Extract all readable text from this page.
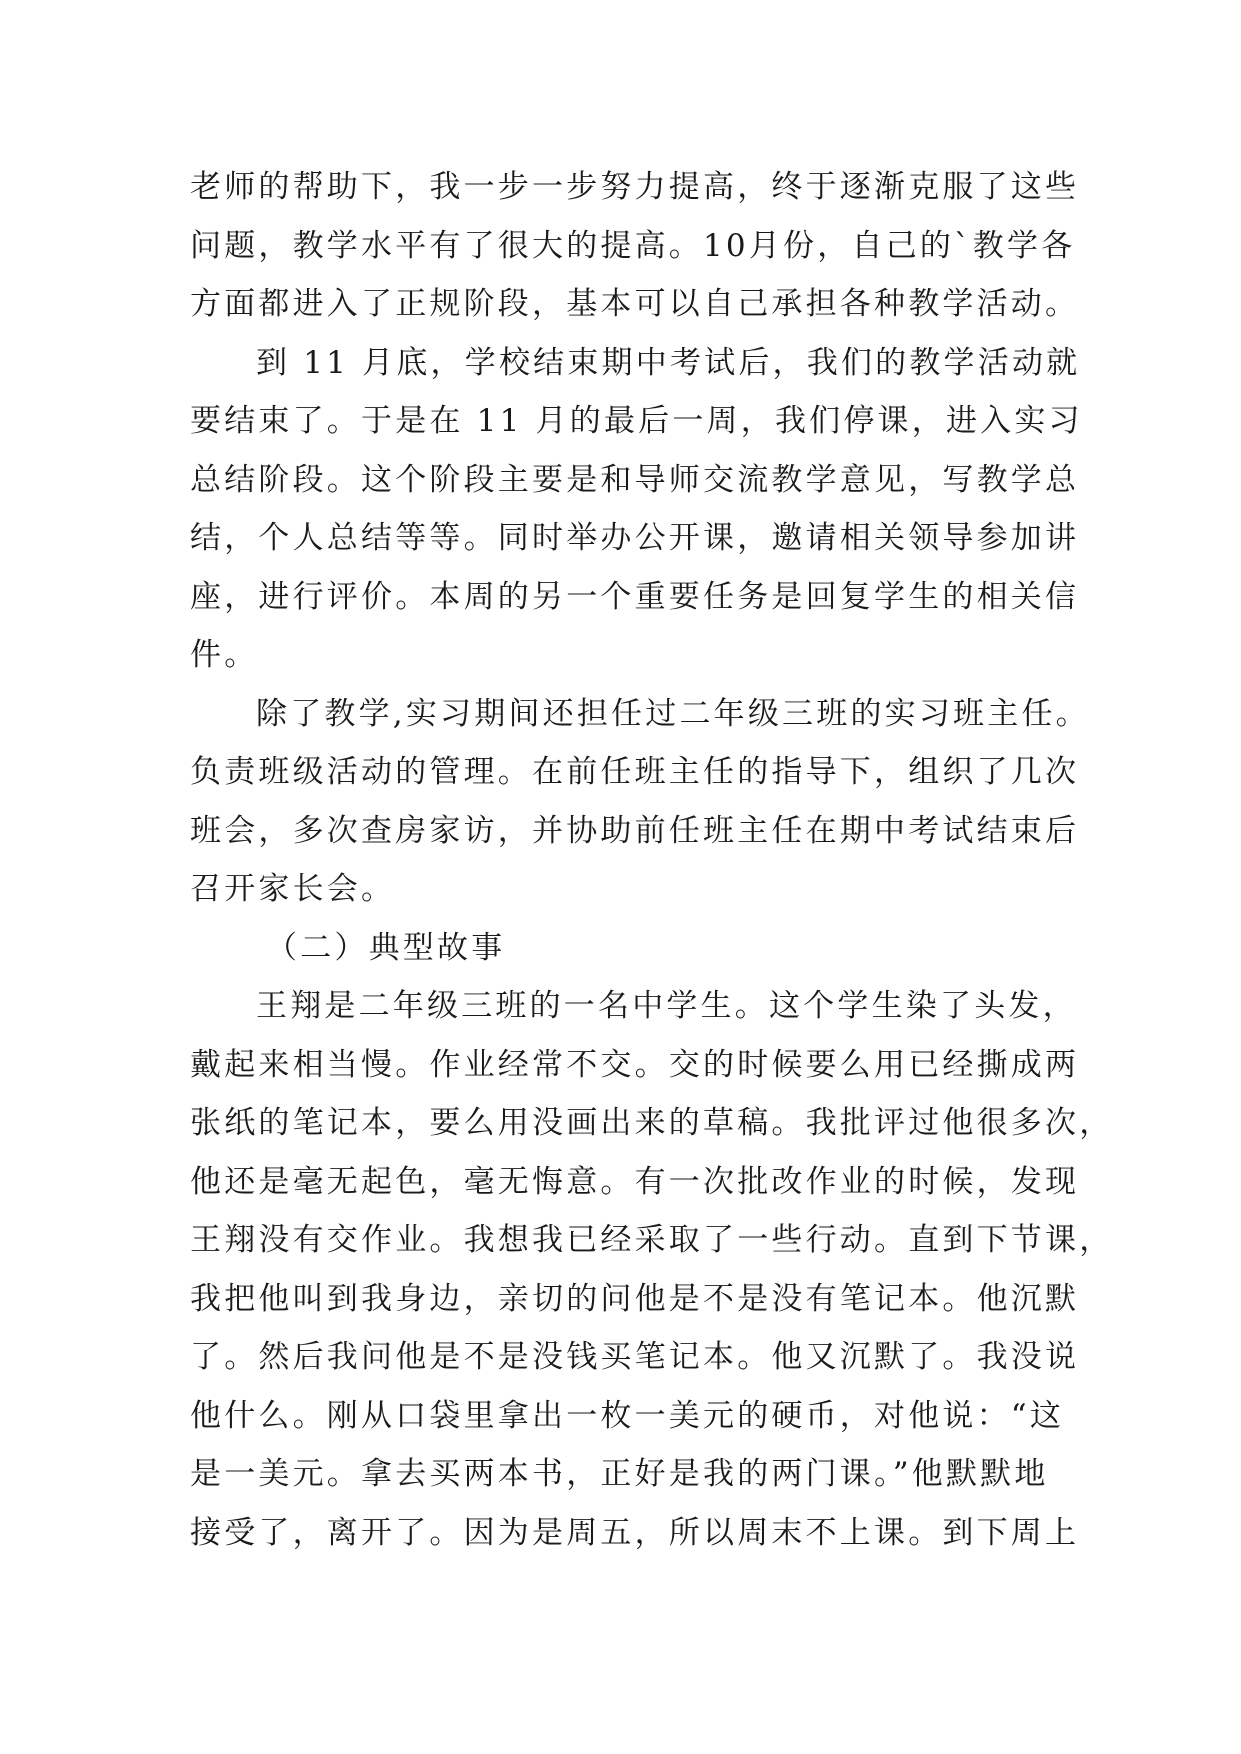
老师的帮助下，我一步一步努力提高，终于逐渐克服了这些
问题，教学水平有了很大的提高。10月份，自己的`教学各
方面都进入了正规阶段，基本可以自己承担各种教学活动。
到 11 月底，学校结束期中考试后，我们的教学活动就
要结束了。于是在 11 月的最后一周，我们停课，进入实习
总结阶段。这个阶段主要是和导师交流教学意见，写教学总
结，个人总结等等。同时举办公开课，邀请相关领导参加讲
座，进行评价。本周的另一个重要任务是回复学生的相关信
件。
除了教学,实习期间还担任过二年级三班的实习班主任。
负责班级活动的管理。在前任班主任的指导下，组织了几次
班会，多次查房家访，并协助前任班主任在期中考试结束后
召开家长会。
（二）典型故事
王翔是二年级三班的一名中学生。这个学生染了头发，
戴起来相当慢。作业经常不交。交的时候要么用已经撕成两
张纸的笔记本，要么用没画出来的草稿。我批评过他很多次，
他还是毫无起色，毫无悔意。有一次批改作业的时候，发现
王翔没有交作业。我想我已经采取了一些行动。直到下节课，
我把他叫到我身边，亲切的问他是不是没有笔记本。他沉默
了。然后我问他是不是没钱买笔记本。他又沉默了。我没说
他什么。刚从口袋里拿出一枚一美元的硬币，对他说：“这
是一美元。拿去买两本书，正好是我的两门课。”他默默地
接受了，离开了。因为是周五，所以周末不上课。到下周上
